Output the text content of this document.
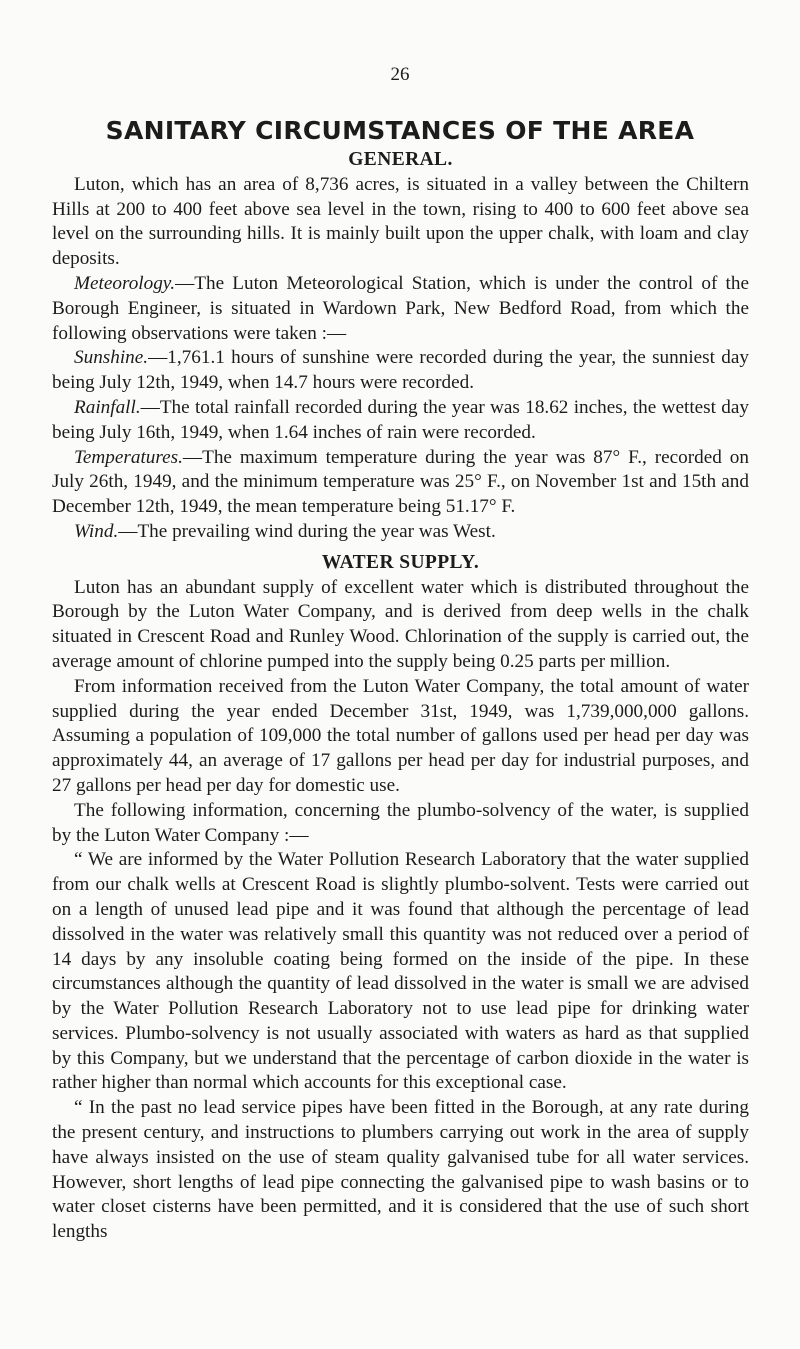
26
SANITARY CIRCUMSTANCES OF THE AREA
GENERAL.

Luton, which has an area of 8,736 acres, is situated in a valley between the Chiltern Hills at 200 to 400 feet above sea level in the town, rising to 400 to 600 feet above sea level on the surrounding hills. It is mainly built upon the upper chalk, with loam and clay deposits.

Meteorology.—The Luton Meteorological Station, which is under the control of the Borough Engineer, is situated in Wardown Park, New Bedford Road, from which the following observations were taken :—

Sunshine.—1,761.1 hours of sunshine were recorded during the year, the sunniest day being July 12th, 1949, when 14.7 hours were recorded.

Rainfall.—The total rainfall recorded during the year was 18.62 inches, the wettest day being July 16th, 1949, when 1.64 inches of rain were recorded.

Temperatures.—The maximum temperature during the year was 87° F., recorded on July 26th, 1949, and the minimum temperature was 25° F., on November 1st and 15th and December 12th, 1949, the mean temperature being 51.17° F.

Wind.—The prevailing wind during the year was West.

WATER SUPPLY.

Luton has an abundant supply of excellent water which is distributed throughout the Borough by the Luton Water Company, and is derived from deep wells in the chalk situated in Crescent Road and Runley Wood. Chlorination of the supply is carried out, the average amount of chlorine pumped into the supply being 0.25 parts per million.

From information received from the Luton Water Company, the total amount of water supplied during the year ended December 31st, 1949, was 1,739,000,000 gallons. Assuming a population of 109,000 the total number of gallons used per head per day was approximately 44, an average of 17 gallons per head per day for industrial purposes, and 27 gallons per head per day for domestic use.

The following information, concerning the plumbo-solvency of the water, is supplied by the Luton Water Company :—

“ We are informed by the Water Pollution Research Laboratory that the water supplied from our chalk wells at Crescent Road is slightly plumbo-solvent. Tests were carried out on a length of unused lead pipe and it was found that although the percentage of lead dissolved in the water was relatively small this quantity was not reduced over a period of 14 days by any insoluble coating being formed on the inside of the pipe. In these circumstances although the quantity of lead dissolved in the water is small we are advised by the Water Pollution Research Laboratory not to use lead pipe for drinking water services. Plumbo-solvency is not usually associated with waters as hard as that supplied by this Company, but we understand that the percentage of carbon dioxide in the water is rather higher than normal which accounts for this exceptional case.

“ In the past no lead service pipes have been fitted in the Borough, at any rate during the present century, and instructions to plumbers carrying out work in the area of supply have always insisted on the use of steam quality galvanised tube for all water services. However, short lengths of lead pipe connecting the galvanised pipe to wash basins or to water closet cisterns have been permitted, and it is considered that the use of such short lengths
